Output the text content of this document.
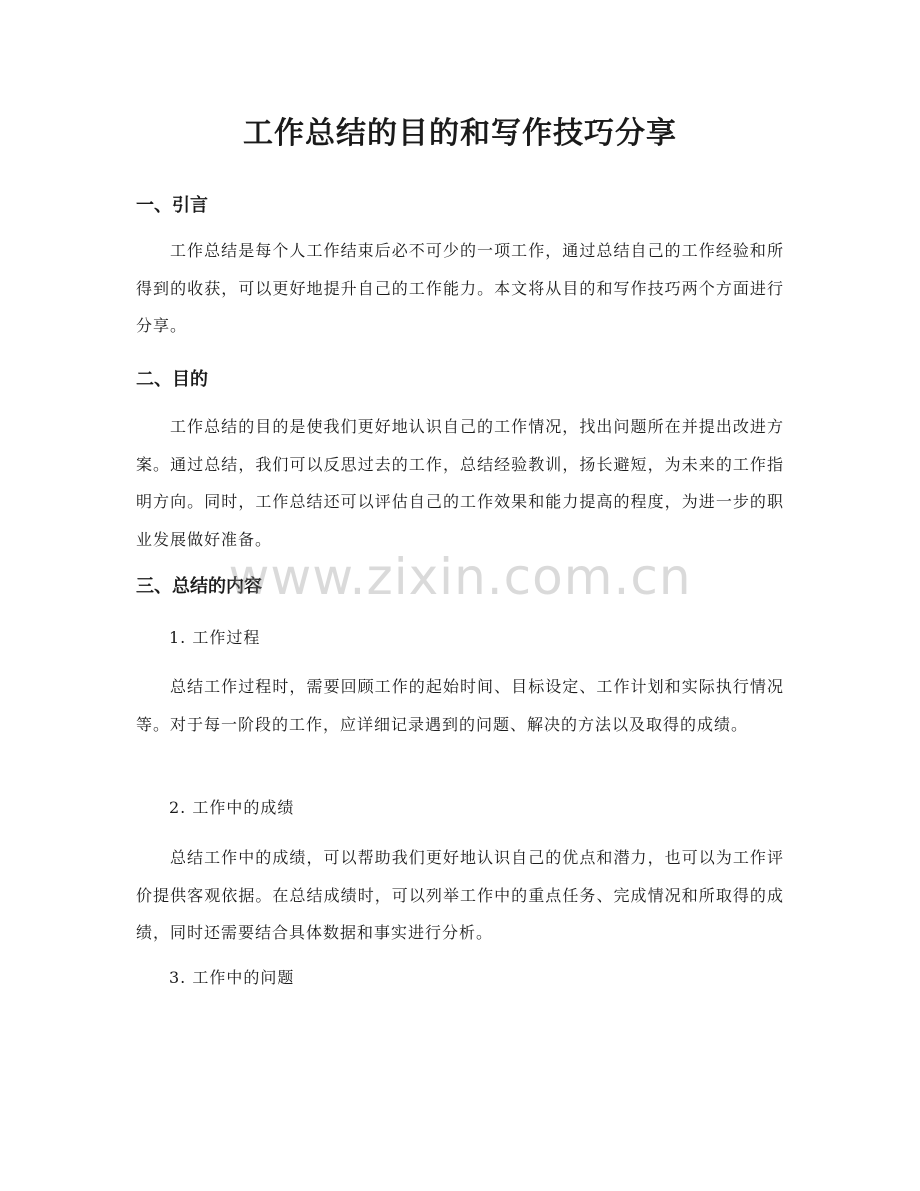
工作总结的目的和写作技巧分享
一、引言

工作总结是每个人工作结束后必不可少的一项工作，通过总结自己的工作经验和所得到的收获，可以更好地提升自己的工作能力。本文将从目的和写作技巧两个方面进行分享。

二、目的

工作总结的目的是使我们更好地认识自己的工作情况，找出问题所在并提出改进方案。通过总结，我们可以反思过去的工作，总结经验教训，扬长避短，为未来的工作指明方向。同时，工作总结还可以评估自己的工作效果和能力提高的程度，为进一步的职业发展做好准备。

三、总结的内容

1. 工作过程

总结工作过程时，需要回顾工作的起始时间、目标设定、工作计划和实际执行情况等。对于每一阶段的工作，应详细记录遇到的问题、解决的方法以及取得的成绩。

2. 工作中的成绩

总结工作中的成绩，可以帮助我们更好地认识自己的优点和潜力，也可以为工作评价提供客观依据。在总结成绩时，可以列举工作中的重点任务、完成情况和所取得的成绩，同时还需要结合具体数据和事实进行分析。

3. 工作中的问题

www.zixin.com.cn
